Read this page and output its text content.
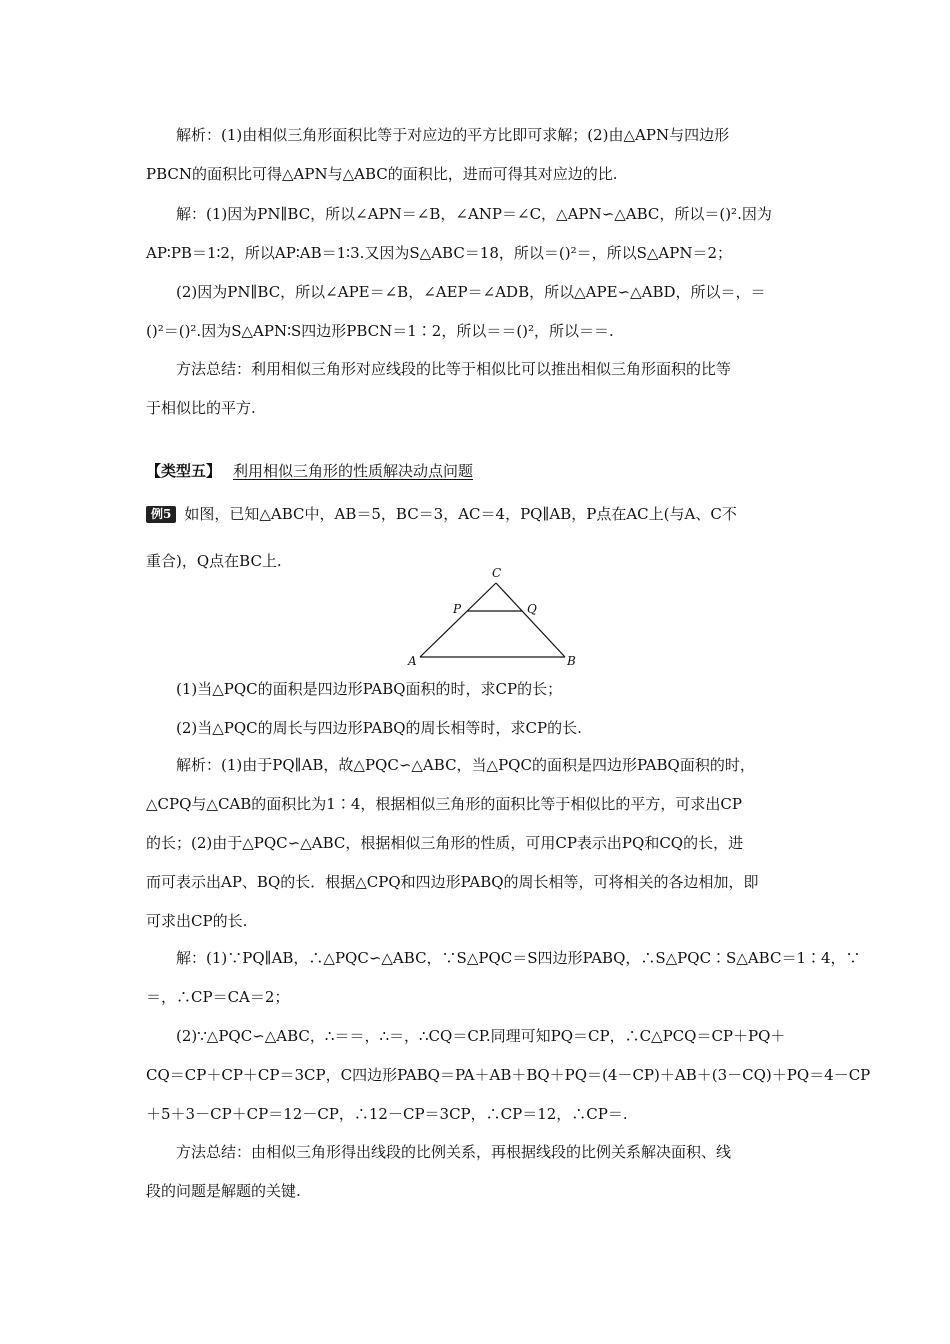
解析：(1)由相似三角形面积比等于对应边的平方比即可求解；(2)由△APN与四边形
PBCN的面积比可得△APN与△ABC的面积比，进而可得其对应边的比.
解：(1)因为PN∥BC，所以∠APN＝∠B，∠ANP＝∠C，△APN∽△ABC，所以＝()².因为
AP∶PB＝1∶2，所以AP∶AB＝1∶3.又因为S△ABC＝18，所以＝()²＝，所以S△APN＝2；
(2)因为PN∥BC，所以∠APE＝∠B，∠AEP＝∠ADB，所以△APE∽△ABD，所以＝，＝
()²＝()².因为S△APN∶S四边形PBCN＝1∶2，所以＝＝()²，所以＝＝.
方法总结：利用相似三角形对应线段的比等于相似比可以推出相似三角形面积的比等
于相似比的平方.
【类型五】 利用相似三角形的性质解决动点问题
例5 如图，已知△ABC中，AB＝5，BC＝3，AC＝4，PQ∥AB，P点在AC上(与A、C不
重合)，Q点在BC上.
A	B
C
P	Q
(1)当△PQC的面积是四边形PABQ面积的时，求CP的长；
(2)当△PQC的周长与四边形PABQ的周长相等时，求CP的长.
解析：(1)由于PQ∥AB，故△PQC∽△ABC，当△PQC的面积是四边形PABQ面积的时，
△CPQ与△CAB的面积比为1∶4，根据相似三角形的面积比等于相似比的平方，可求出CP
的长；(2)由于△PQC∽△ABC，根据相似三角形的性质，可用CP表示出PQ和CQ的长，进
而可表示出AP、BQ的长．根据△CPQ和四边形PABQ的周长相等，可将相关的各边相加，即
可求出CP的长.
解：(1)∵PQ∥AB，∴△PQC∽△ABC，∵S△PQC＝S四边形PABQ，∴S△PQC∶S△ABC＝1∶4，∵
＝，∴CP＝CA＝2；
(2)∵△PQC∽△ABC，∴＝＝，∴＝，∴CQ＝CP.同理可知PQ＝CP，∴C△PCQ＝CP＋PQ＋
CQ＝CP＋CP＋CP＝3CP，C四边形PABQ＝PA＋AB＋BQ＋PQ＝(4－CP)＋AB＋(3－CQ)＋PQ＝4－CP
＋5＋3－CP＋CP＝12－CP，∴12－CP＝3CP，∴CP＝12，∴CP＝.
方法总结：由相似三角形得出线段的比例关系，再根据线段的比例关系解决面积、线
段的问题是解题的关键.
